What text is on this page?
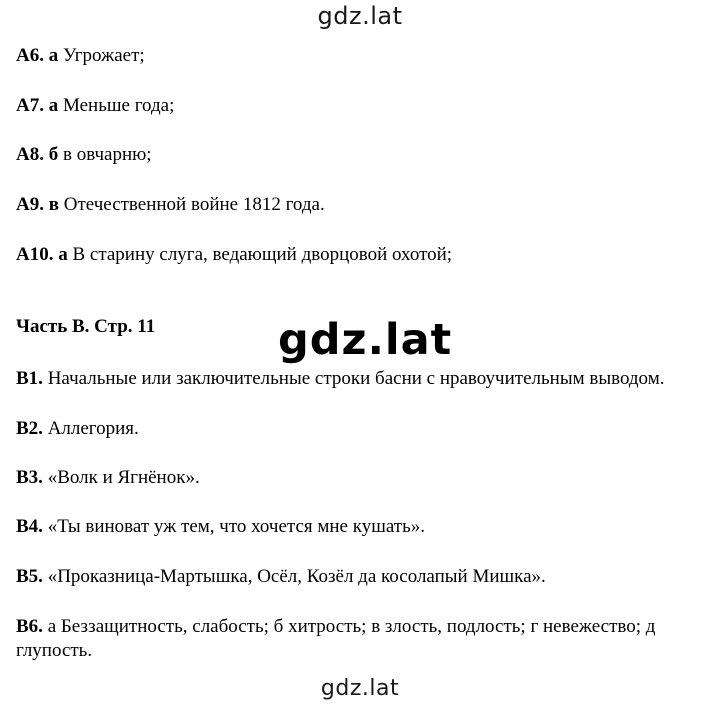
gdz.lat
A6. а Угрожает;
A7. а Меньше года;
A8. б в овчарню;
A9. в Отечественной войне 1812 года.
A10. а В старину слуга, ведающий дворцовой охотой;
Часть В. Стр. 11	gdz.lat
B1. Начальные или заключительные строки басни с нравоучительным выводом.
B2. Аллегория.
B3. «Волк и Ягнёнок».
B4. «Ты виноват уж тем, что хочется мне кушать».
B5. «Проказница-Мартышка, Осёл, Козёл да косолапый Мишка».
B6. а Беззащитность, слабость; б хитрость; в злость, подлость; г невежество; д глупость.
gdz.lat
